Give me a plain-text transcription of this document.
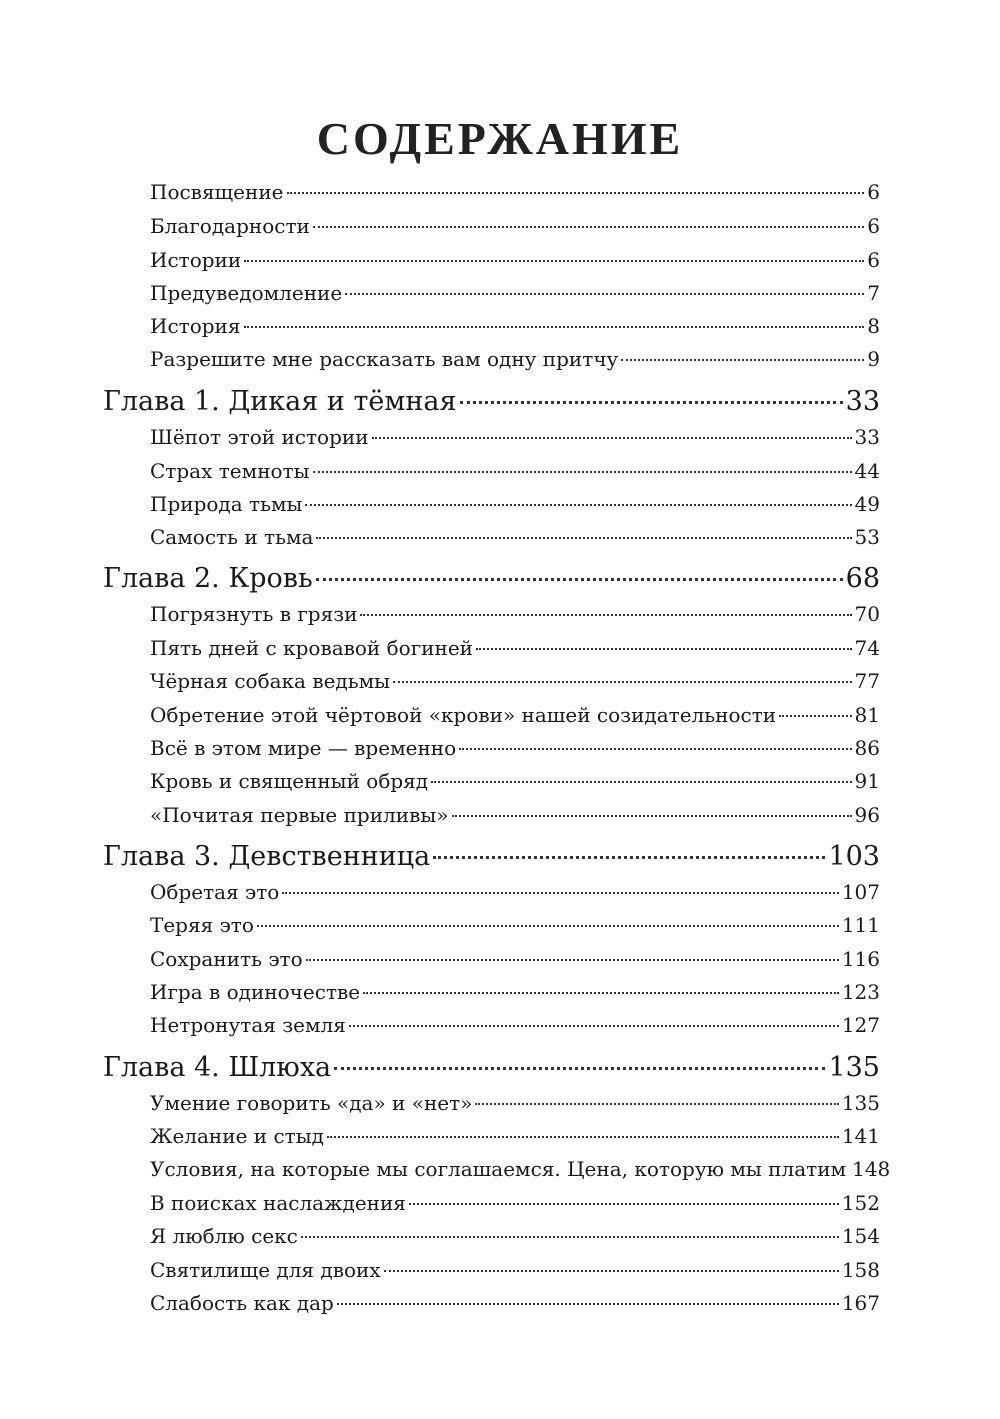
СОДЕРЖАНИЕ
Посвящение	6
Благодарности	6
Истории	6
Предуведомление	7
История	8
Разрешите мне рассказать вам одну притчу	9
Глава 1. Дикая и тёмная	33
Шёпот этой истории	33
Страх темноты	44
Природа тьмы	49
Самость и тьма	53
Глава 2. Кровь	68
Погрязнуть в грязи	70
Пять дней с кровавой богиней	74
Чёрная собака ведьмы	77
Обретение этой чёртовой «крови» нашей созидательности	81
Всё в этом мире — временно	86
Кровь и священный обряд	91
«Почитая первые приливы»	96
Глава 3. Девственница	103
Обретая это	107
Теряя это	111
Сохранить это	116
Игра в одиночестве	123
Нетронутая земля	127
Глава 4. Шлюха	135
Умение говорить «да» и «нет»	135
Желание и стыд	141
Условия, на которые мы соглашаемся. Цена, которую мы платим 148
В поисках наслаждения	152
Я люблю секс	154
Святилище для двоих	158
Слабость как дар	167
